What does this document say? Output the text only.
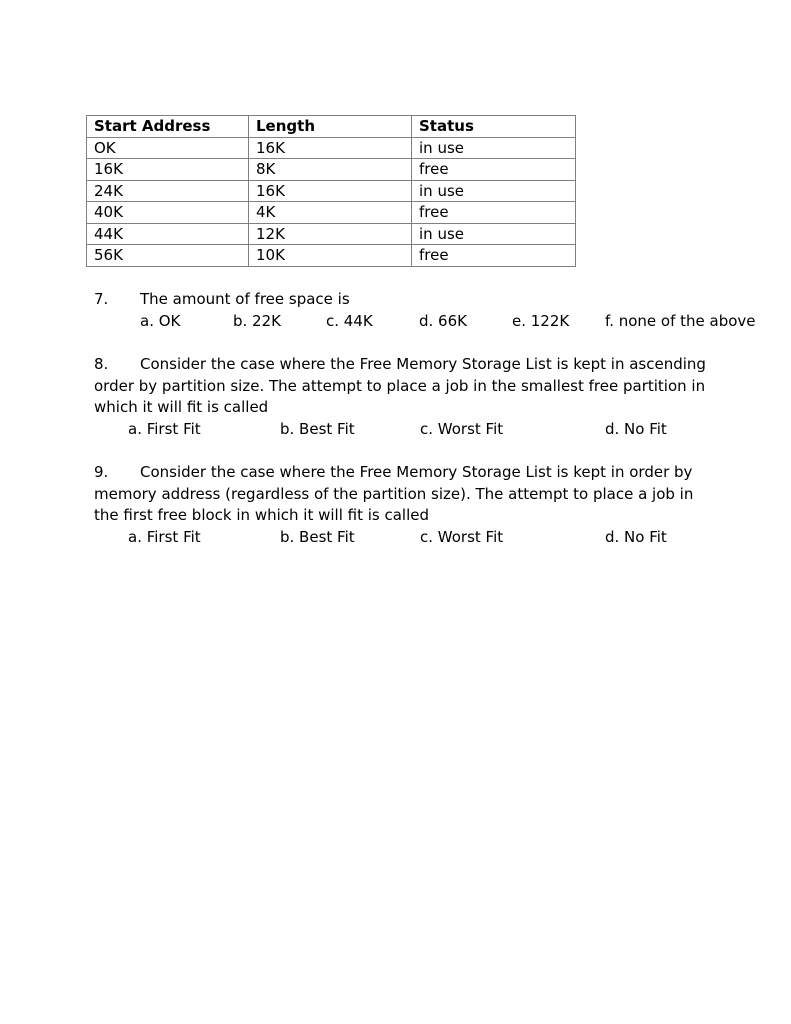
Start Address	Length	Status
OK	16K	in use
16K	8K	free
24K	16K	in use
40K	4K	free
44K	12K	in use
56K	10K	free
7. The amount of free space is
a. OK	b. 22K	c. 44K	d. 66K	e. 122K f. none of the above
8. Consider the case where the Free Memory Storage List is kept in ascending
order by partition size. The attempt to place a job in the smallest free partition in
which it will fit is called
a. First Fit	b. Best Fit	c. Worst Fit	d. No Fit
9. Consider the case where the Free Memory Storage List is kept in order by
memory address (regardless of the partition size). The attempt to place a job in
the first free block in which it will fit is called
a. First Fit	b. Best Fit	c. Worst Fit	d. No Fit
